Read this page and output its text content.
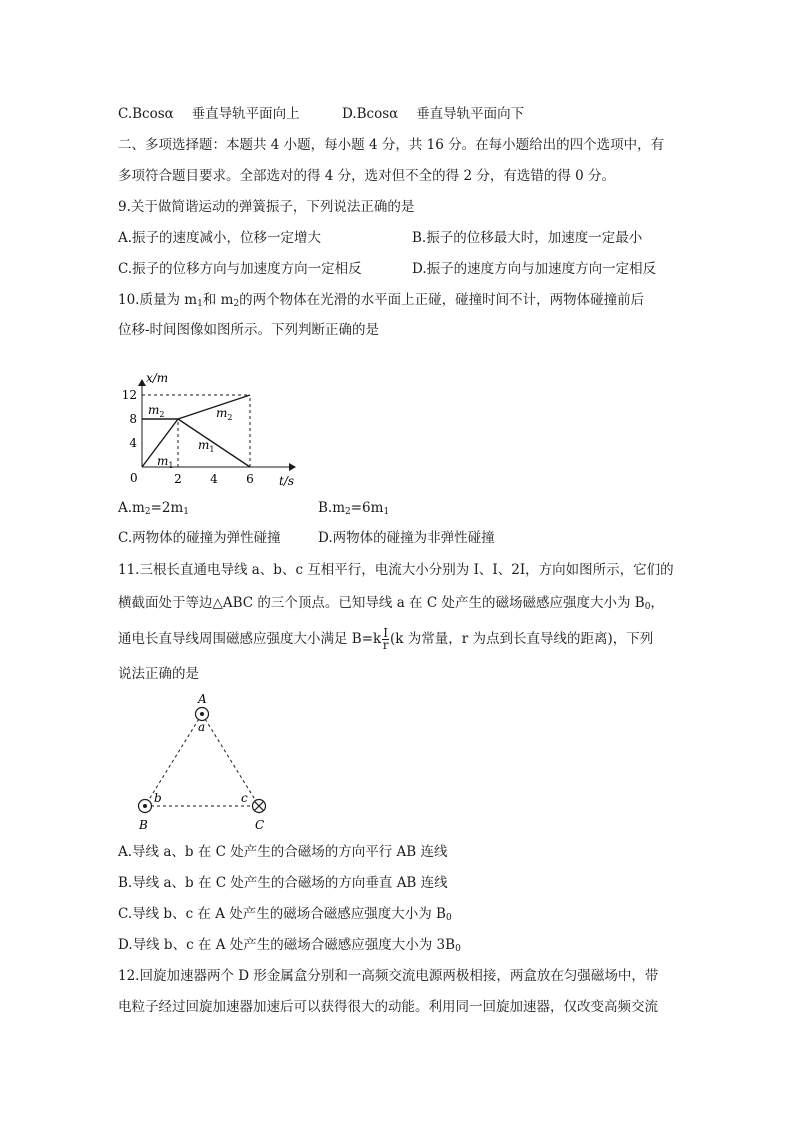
C.Bcosα　 垂直导轨平面向上	D.Bcosα　 垂直导轨平面向下
二、多项选择题：本题共 4 小题，每小题 4 分，共 16 分。在每小题给出的四个选项中，有
多项符合题目要求。全部选对的得 4 分，选对但不全的得 2 分，有选错的得 0 分。
9.关于做简谐运动的弹簧振子，下列说法正确的是
A.振子的速度减小，位移一定增大	B.振子的位移最大时，加速度一定最小
C.振子的位移方向与加速度方向一定相反	D.振子的速度方向与加速度方向一定相反
10.质量为 $m_1$和 $m_2$的两个物体在光滑的水平面上正碰，碰撞时间不计，两物体碰撞前后
位移-时间图像如图所示。下列判断正确的是
2 4 6
4
8
12
x/m
t/s
0
$m_1$
$m_2$
$m_1$
$m_2$
$A.m_2=2m_1$	$B.m_2=6m_1$
C.两物体的碰撞为弹性碰撞	D.两物体的碰撞为非弹性碰撞
11.三根长直通电导线 a、b、c 互相平行，电流大小分别为 I、I、2I，方向如图所示，它们的
横截面处于等边△ABC 的三个顶点。已知导线 a 在 C 处产生的磁场磁感应强度大小为 $B_0$，
通电长直导线周围磁感应强度大小满足 $B=k \frac{I}{r} (k$ 为常量，r 为点到长直导线的距离)，下列
说法正确的是
A
a
b
B
c
C
A.导线 a、b 在 C 处产生的合磁场的方向平行 AB 连线
B.导线 a、b 在 C 处产生的合磁场的方向垂直 AB 连线
C.导线 b、c 在 A 处产生的磁场合磁感应强度大小为 $B_0$
D.导线 b、c 在 A 处产生的磁场合磁感应强度大小为 $3B_0$
12.回旋加速器两个 D 形金属盒分别和一高频交流电源两极相接，两盒放在匀强磁场中，带
电粒子经过回旋加速器加速后可以获得很大的动能。利用同一回旋加速器，仅改变高频交流
